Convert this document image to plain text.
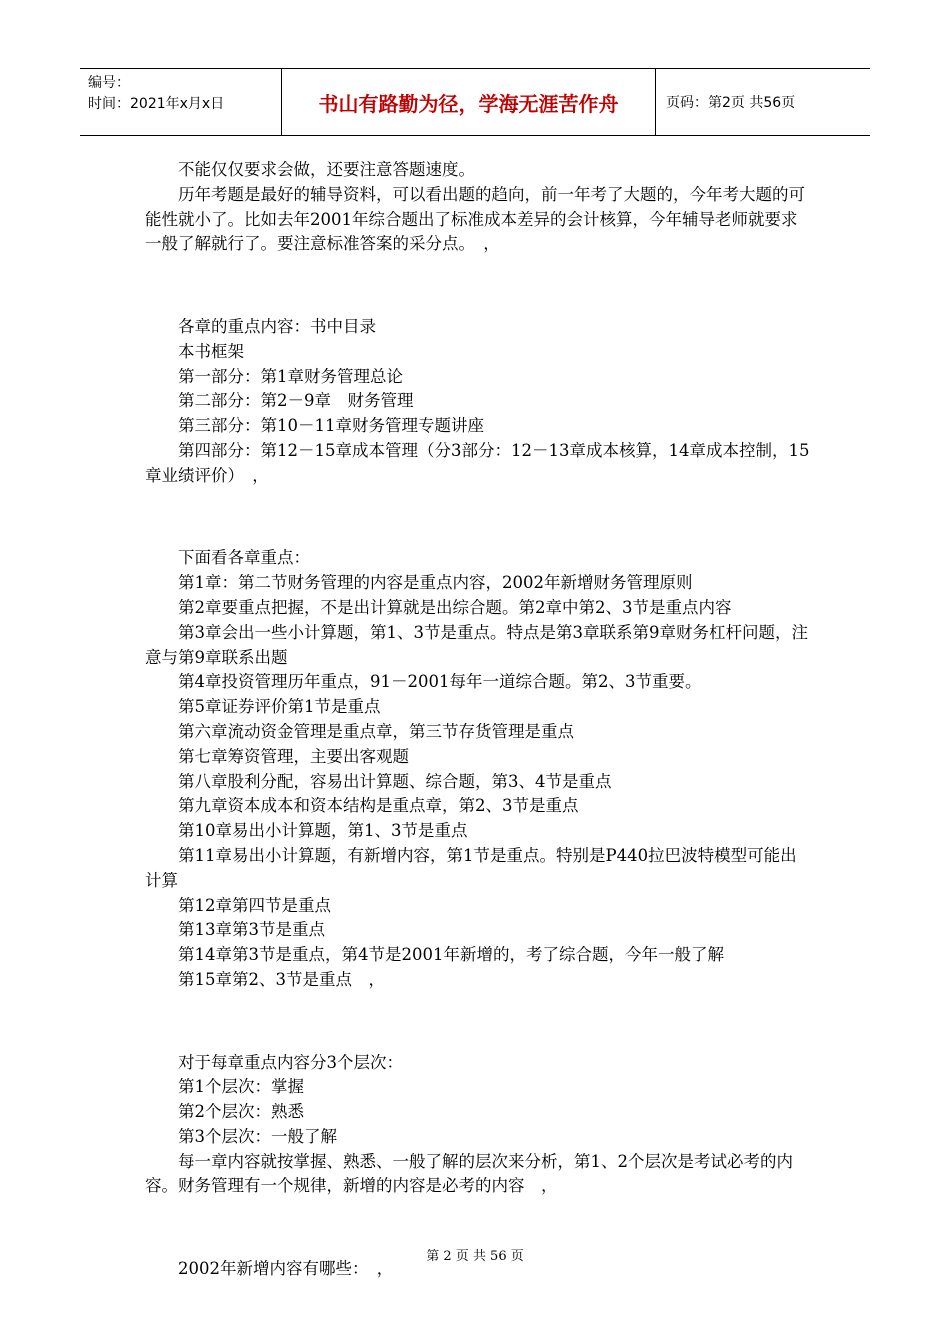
编号：
时间：2021年x月x日	书山有路勤为径，学海无涯苦作舟	页码：第2页 共56页

不能仅仅要求会做，还要注意答题速度。

历年考题是最好的辅导资料，可以看出题的趋向，前一年考了大题的，今年考大题的可能性就小了。比如去年2001年综合题出了标准成本差异的会计核算，今年辅导老师就要求一般了解就行了。要注意标准答案的采分点。　，

各章的重点内容：书中目录

本书框架

第一部分：第1章财务管理总论

第二部分：第2－9章　财务管理

第三部分：第10－11章财务管理专题讲座

第四部分：第12－15章成本管理（分3部分：12－13章成本核算，14章成本控制，15章业绩评价）　，

下面看各章重点：

第1章：第二节财务管理的内容是重点内容，2002年新增财务管理原则

第2章要重点把握，不是出计算就是出综合题。第2章中第2、3节是重点内容

第3章会出一些小计算题，第1、3节是重点。特点是第3章联系第9章财务杠杆问题，注意与第9章联系出题

第4章投资管理历年重点，91－2001每年一道综合题。第2、3节重要。

第5章证券评价第1节是重点

第六章流动资金管理是重点章，第三节存货管理是重点

第七章筹资管理，主要出客观题

第八章股利分配，容易出计算题、综合题，第3、4节是重点

第九章资本成本和资本结构是重点章，第2、3节是重点

第10章易出小计算题，第1、3节是重点

第11章易出小计算题，有新增内容，第1节是重点。特别是P440拉巴波特模型可能出计算

第12章第四节是重点

第13章第3节是重点

第14章第3节是重点，第4节是2001年新增的，考了综合题，今年一般了解

第15章第2、3节是重点　，

对于每章重点内容分3个层次：

第1个层次：掌握

第2个层次：熟悉

第3个层次：一般了解

每一章内容就按掌握、熟悉、一般了解的层次来分析，第1、2个层次是考试必考的内容。财务管理有一个规律，新增的内容是必考的内容　，

2002年新增内容有哪些：　，

第 2 页 共 56 页
